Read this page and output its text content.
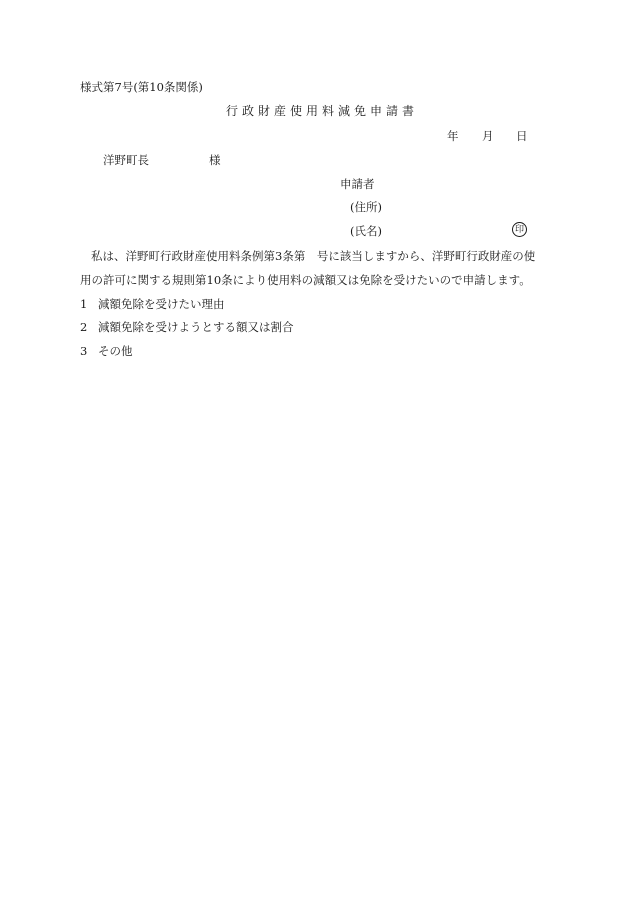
様式第7号(第10条関係)
行政財産使用料減免申請書
年 月 日
洋野町長	様
申請者
(住所)
(氏名)	印
私は、洋野町行政財産使用料条例第3条第　号に該当しますから、洋野町行政財産の使用の許可に関する規則第10条により使用料の減額又は免除を受けたいので申請します。
1 減額免除を受けたい理由
2 減額免除を受けようとする額又は割合
3 その他
